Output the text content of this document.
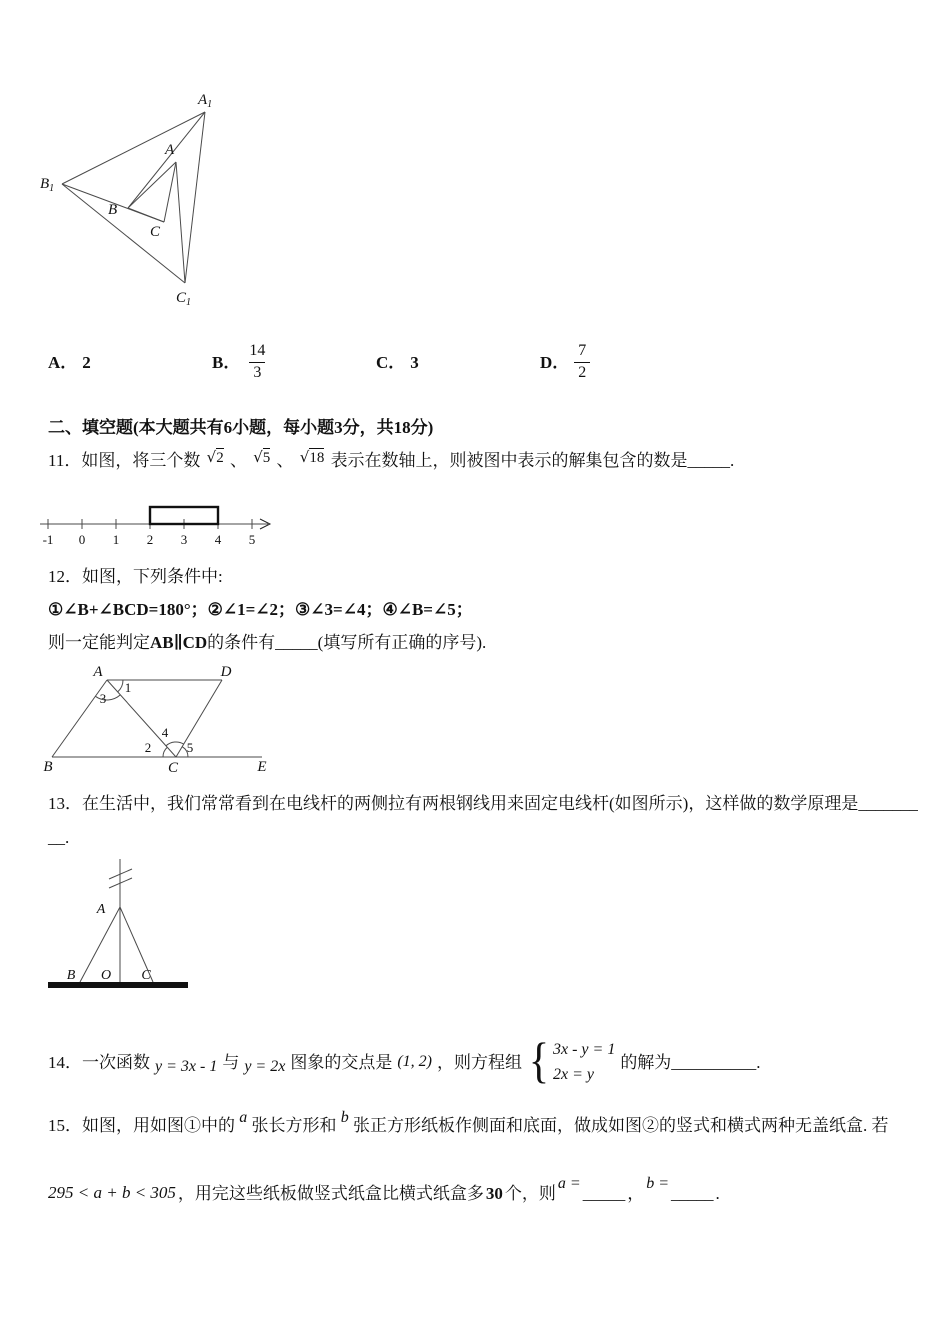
$A_1$
$B_1$
$C_1$
A
B
C
A． 2	B． $\frac{14}{3}$	C． 3	D． $\frac{7}{2}$
二、填空题(本大题共有6小题，每小题3分，共18分)
11．如图，将三个数 √2 、 √5 、 √18 表示在数轴上，则被图中表示的解集包含的数是_____.
-1 0 1 2 3 4 5
12．如图，下列条件中:
①∠B+∠BCD=180°；②∠1=∠2；③∠3=∠4；④∠B=∠5；
则一定能判定AB∥CD的条件有_____(填写所有正确的序号).
A	D
B	C	E
1
3
4
2	5
13．在生活中，我们常常看到在电线杆的两侧拉有两根钢线用来固定电线杆(如图所示)，这样做的数学原理是_______
__.
A
B O C
14．一次函数 y = 3x - 1 与 y = 2x 图象的交点是 (1, 2) ，则方程组 { 3x - y = 1
2x = y
的解为__________.
15．如图，用如图①中的 a 张长方形和 b 张正方形纸板作侧面和底面，做成如图②的竖式和横式两种无盖纸盒. 若
295 < a + b < 305 ，用完这些纸板做竖式纸盒比横式纸盒多 30 个，则 a = _____ ， b = _____ .
